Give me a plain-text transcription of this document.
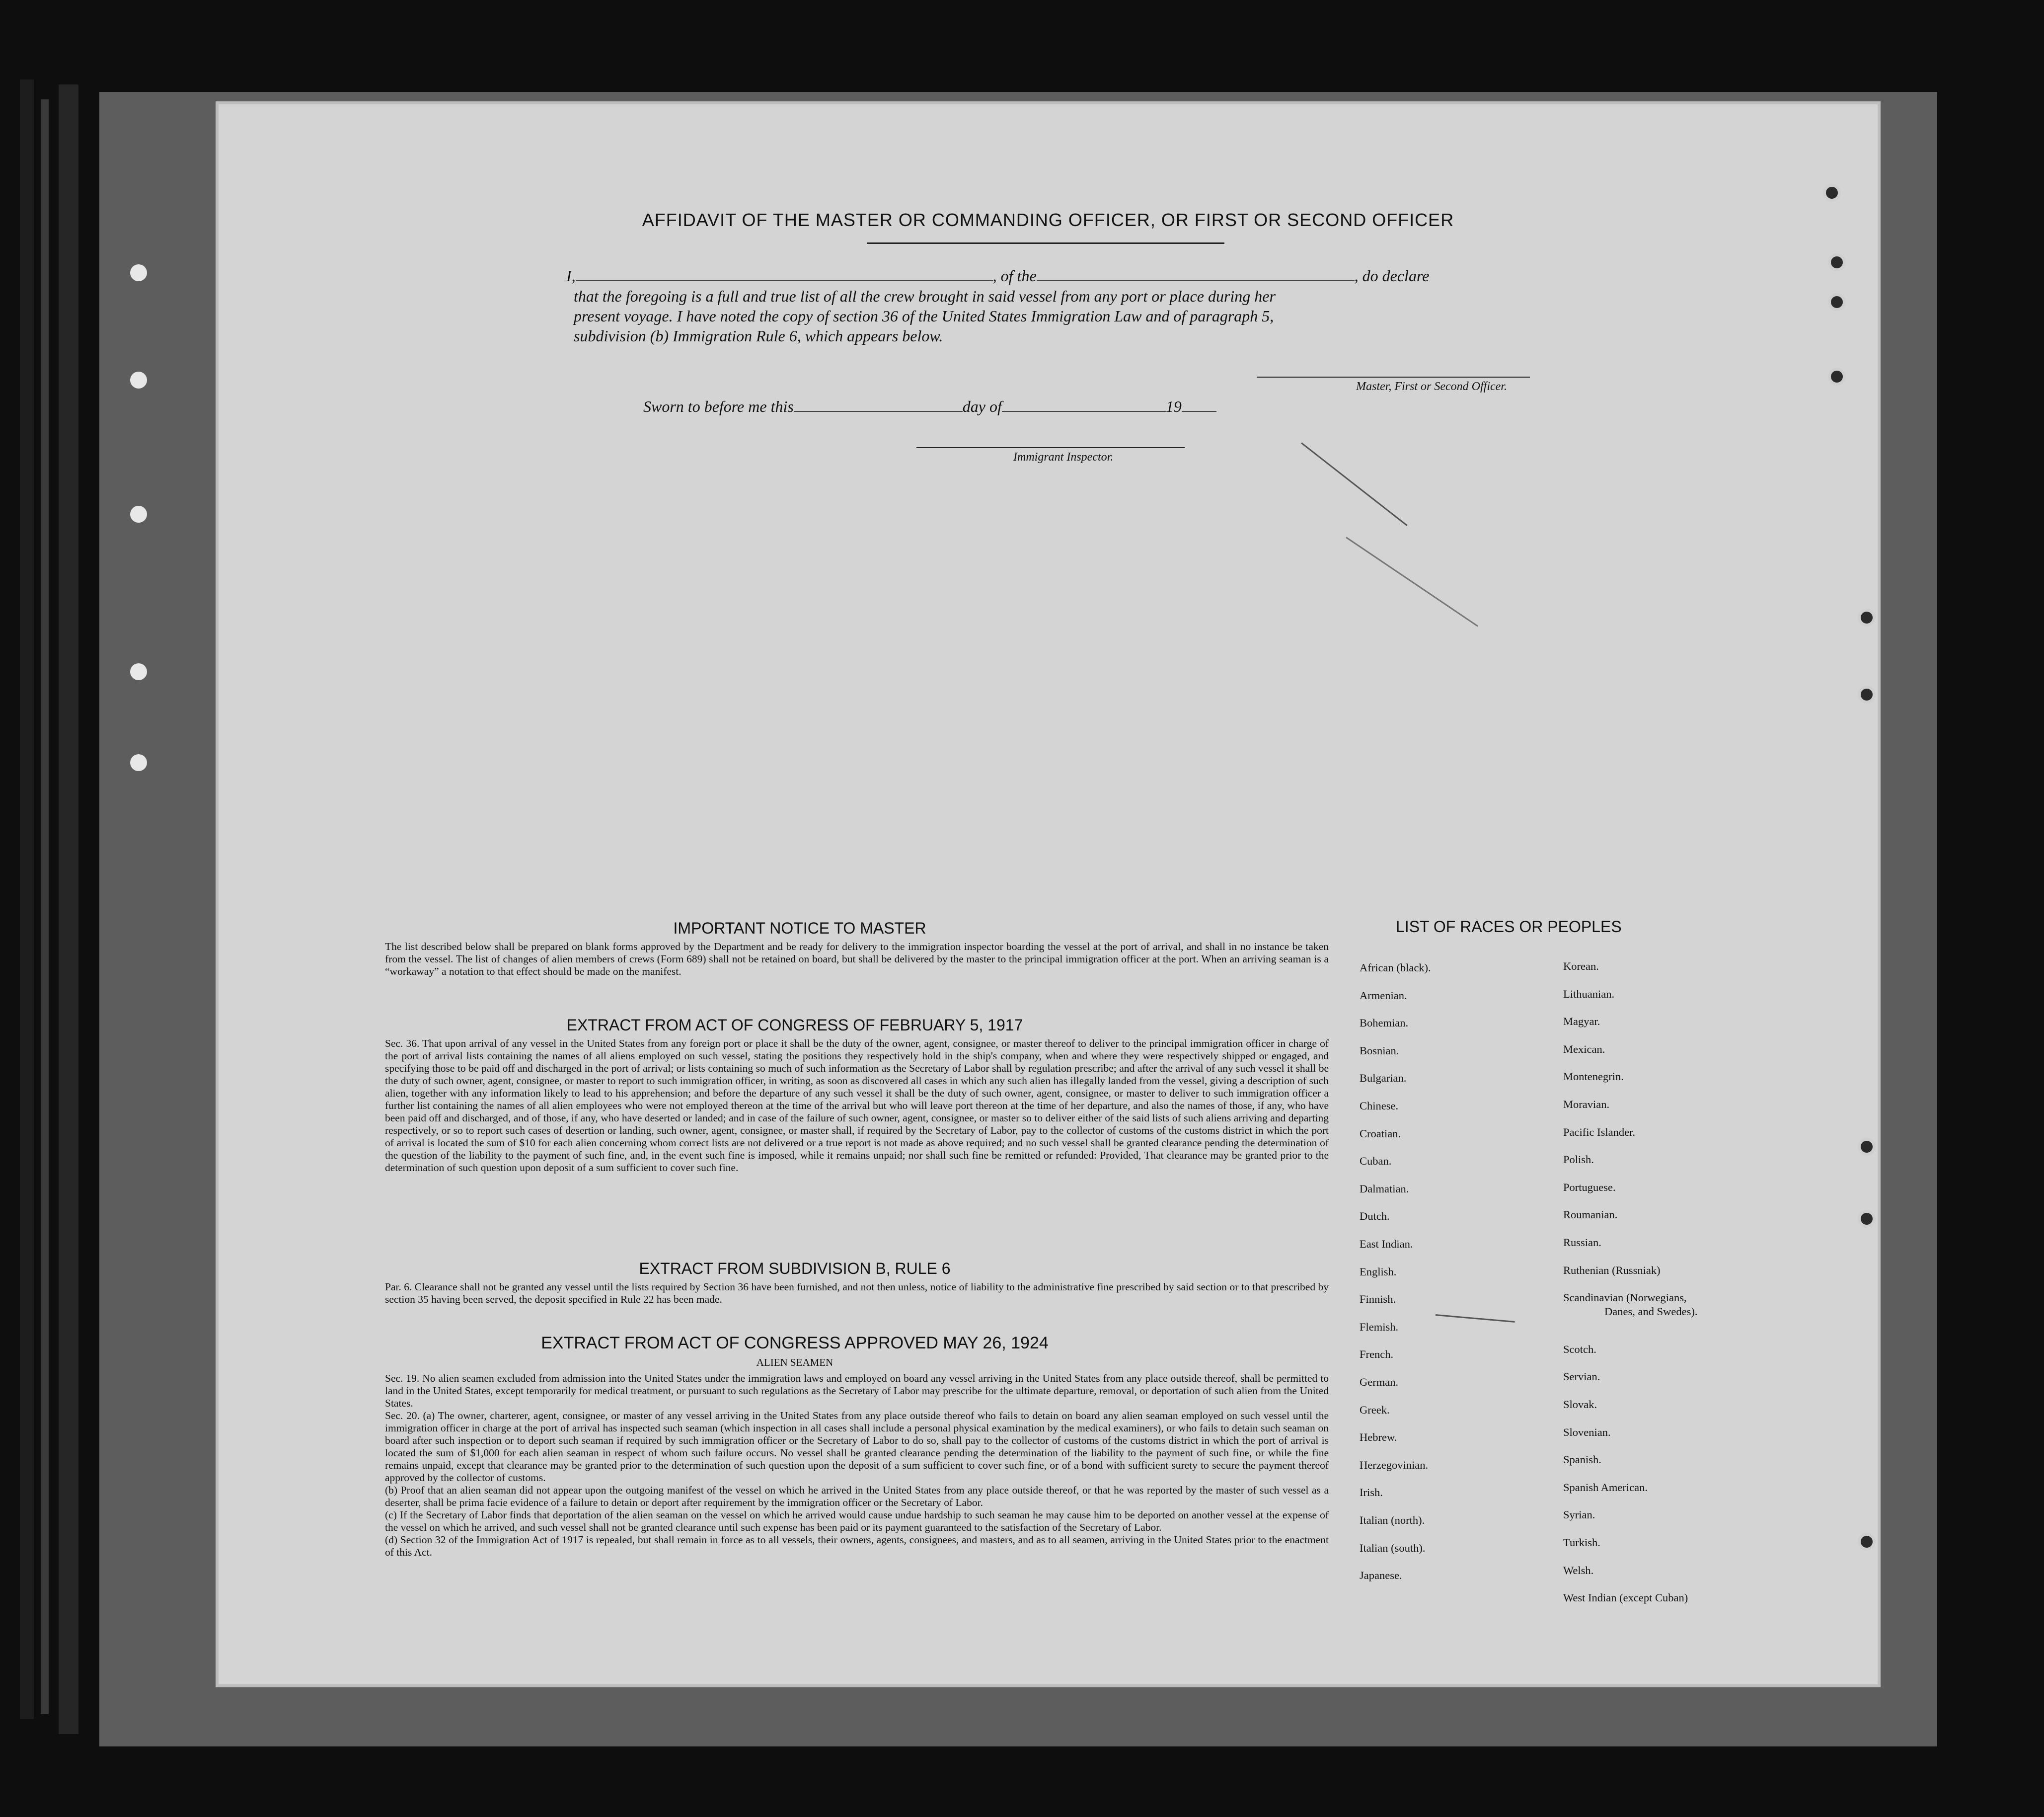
AFFIDAVIT OF THE MASTER OR COMMANDING OFFICER, OR FIRST OR SECOND OFFICER
I,	, of the	, do declare
that the foregoing is a full and true list of all the crew brought in said vessel from any port or place during her
present voyage. I have noted the copy of section 36 of the United States Immigration Law and of paragraph 5,
subdivision (b) Immigration Rule 6, which appears below.
Master, First or Second Officer.
Sworn to before me this	day of	19
Immigrant Inspector.
IMPORTANT NOTICE TO MASTER
The list described below shall be prepared on blank forms approved by the Department and be ready for delivery to the immigration inspector boarding the vessel at the port of arrival, and shall in no instance be taken from the vessel. The list of changes of alien members of crews (Form 689) shall not be retained on board, but shall be delivered by the master to the principal immigration officer at the port. When an arriving seaman is a “workaway” a notation to that effect should be made on the manifest.
EXTRACT FROM ACT OF CONGRESS OF FEBRUARY 5, 1917
Sec. 36. That upon arrival of any vessel in the United States from any foreign port or place it shall be the duty of the owner, agent, consignee, or master thereof to deliver to the principal immigration officer in charge of the port of arrival lists containing the names of all aliens employed on such vessel, stating the positions they respectively hold in the ship's company, when and where they were respectively shipped or engaged, and specifying those to be paid off and discharged in the port of arrival; or lists containing so much of such information as the Secretary of Labor shall by regulation prescribe; and after the arrival of any such vessel it shall be the duty of such owner, agent, consignee, or master to report to such immigration officer, in writing, as soon as discovered all cases in which any such alien has illegally landed from the vessel, giving a description of such alien, together with any information likely to lead to his apprehension; and before the departure of any such vessel it shall be the duty of such owner, agent, consignee, or master to deliver to such immigration officer a further list containing the names of all alien employees who were not employed thereon at the time of the arrival but who will leave port thereon at the time of her departure, and also the names of those, if any, who have been paid off and discharged, and of those, if any, who have deserted or landed; and in case of the failure of such owner, agent, consignee, or master so to deliver either of the said lists of such aliens arriving and departing respectively, or so to report such cases of desertion or landing, such owner, agent, consignee, or master shall, if required by the Secretary of Labor, pay to the collector of customs of the customs district in which the port of arrival is located the sum of $10 for each alien concerning whom correct lists are not delivered or a true report is not made as above required; and no such vessel shall be granted clearance pending the determination of the question of the liability to the payment of such fine, and, in the event such fine is imposed, while it remains unpaid; nor shall such fine be remitted or refunded: Provided, That clearance may be granted prior to the determination of such question upon deposit of a sum sufficient to cover such fine.
EXTRACT FROM SUBDIVISION B, RULE 6
Par. 6. Clearance shall not be granted any vessel until the lists required by Section 36 have been furnished, and not then unless, notice of liability to the administrative fine prescribed by said section or to that prescribed by section 35 having been served, the deposit specified in Rule 22 has been made.
EXTRACT FROM ACT OF CONGRESS APPROVED MAY 26, 1924
ALIEN SEAMEN
Sec. 19. No alien seamen excluded from admission into the United States under the immigration laws and employed on board any vessel arriving in the United States from any place outside thereof, shall be permitted to land in the United States, except temporarily for medical treatment, or pursuant to such regulations as the Secretary of Labor may prescribe for the ultimate departure, removal, or deportation of such alien from the United States.
Sec. 20. (a) The owner, charterer, agent, consignee, or master of any vessel arriving in the United States from any place outside thereof who fails to detain on board any alien seaman employed on such vessel until the immigration officer in charge at the port of arrival has inspected such seaman (which inspection in all cases shall include a personal physical examination by the medical examiners), or who fails to detain such seaman on board after such inspection or to deport such seaman if required by such immigration officer or the Secretary of Labor to do so, shall pay to the collector of customs of the customs district in which the port of arrival is located the sum of $1,000 for each alien seaman in respect of whom such failure occurs. No vessel shall be granted clearance pending the determination of the liability to the payment of such fine, or while the fine remains unpaid, except that clearance may be granted prior to the determination of such question upon the deposit of a sum sufficient to cover such fine, or of a bond with sufficient surety to secure the payment thereof approved by the collector of customs.
(b) Proof that an alien seaman did not appear upon the outgoing manifest of the vessel on which he arrived in the United States from any place outside thereof, or that he was reported by the master of such vessel as a deserter, shall be prima facie evidence of a failure to detain or deport after requirement by the immigration officer or the Secretary of Labor.
(c) If the Secretary of Labor finds that deportation of the alien seaman on the vessel on which he arrived would cause undue hardship to such seaman he may cause him to be deported on another vessel at the expense of the vessel on which he arrived, and such vessel shall not be granted clearance until such expense has been paid or its payment guaranteed to the satisfaction of the Secretary of Labor.
(d) Section 32 of the Immigration Act of 1917 is repealed, but shall remain in force as to all vessels, their owners, agents, consignees, and masters, and as to all seamen, arriving in the United States prior to the enactment of this Act.
LIST OF RACES OR PEOPLES
African (black).
Armenian.
Bohemian.
Bosnian.
Bulgarian.
Chinese.
Croatian.
Cuban.
Dalmatian.
Dutch.
East Indian.
English.
Finnish.
Flemish.
French.
German.
Greek.
Hebrew.
Herzegovinian.
Irish.
Italian (north).
Italian (south).
Japanese.
Korean.
Lithuanian.
Magyar.
Mexican.
Montenegrin.
Moravian.
Pacific Islander.
Polish.
Portuguese.
Roumanian.
Russian.
Ruthenian (Russniak)
Scandinavian (Norwegians,
Danes, and Swedes).
Scotch.
Servian.
Slovak.
Slovenian.
Spanish.
Spanish American.
Syrian.
Turkish.
Welsh.
West Indian (except Cuban)
